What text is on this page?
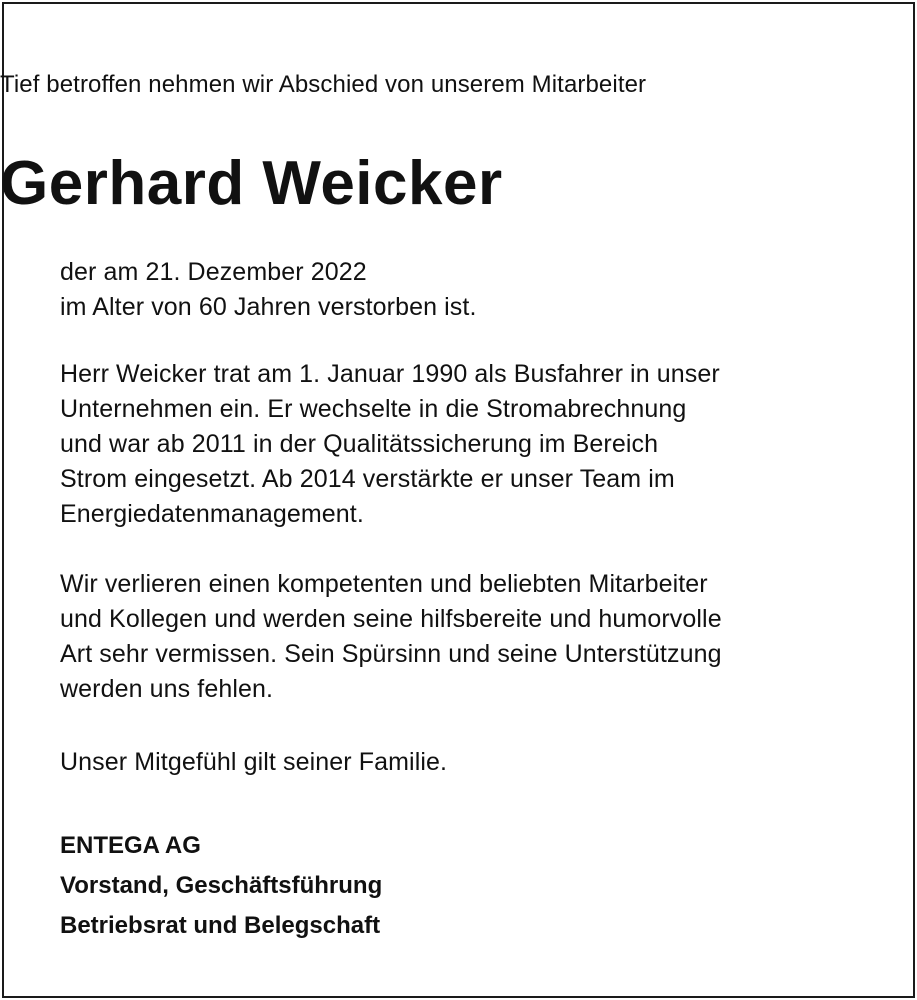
Tief betroffen nehmen wir Abschied von unserem Mitarbeiter
Gerhard Weicker
der am 21. Dezember 2022
im Alter von 60 Jahren verstorben ist.
Herr Weicker trat am 1. Januar 1990 als Busfahrer in unser
Unternehmen ein. Er wechselte in die Stromabrechnung
und war ab 2011 in der Qualitätssicherung im Bereich
Strom eingesetzt. Ab 2014 verstärkte er unser Team im
Energiedatenmanagement.
Wir verlieren einen kompetenten und beliebten Mitarbeiter
und Kollegen und werden seine hilfsbereite und humorvolle
Art sehr vermissen. Sein Spürsinn und seine Unterstützung
werden uns fehlen.
Unser Mitgefühl gilt seiner Familie.
ENTEGA AG
Vorstand, Geschäftsführung
Betriebsrat und Belegschaft
